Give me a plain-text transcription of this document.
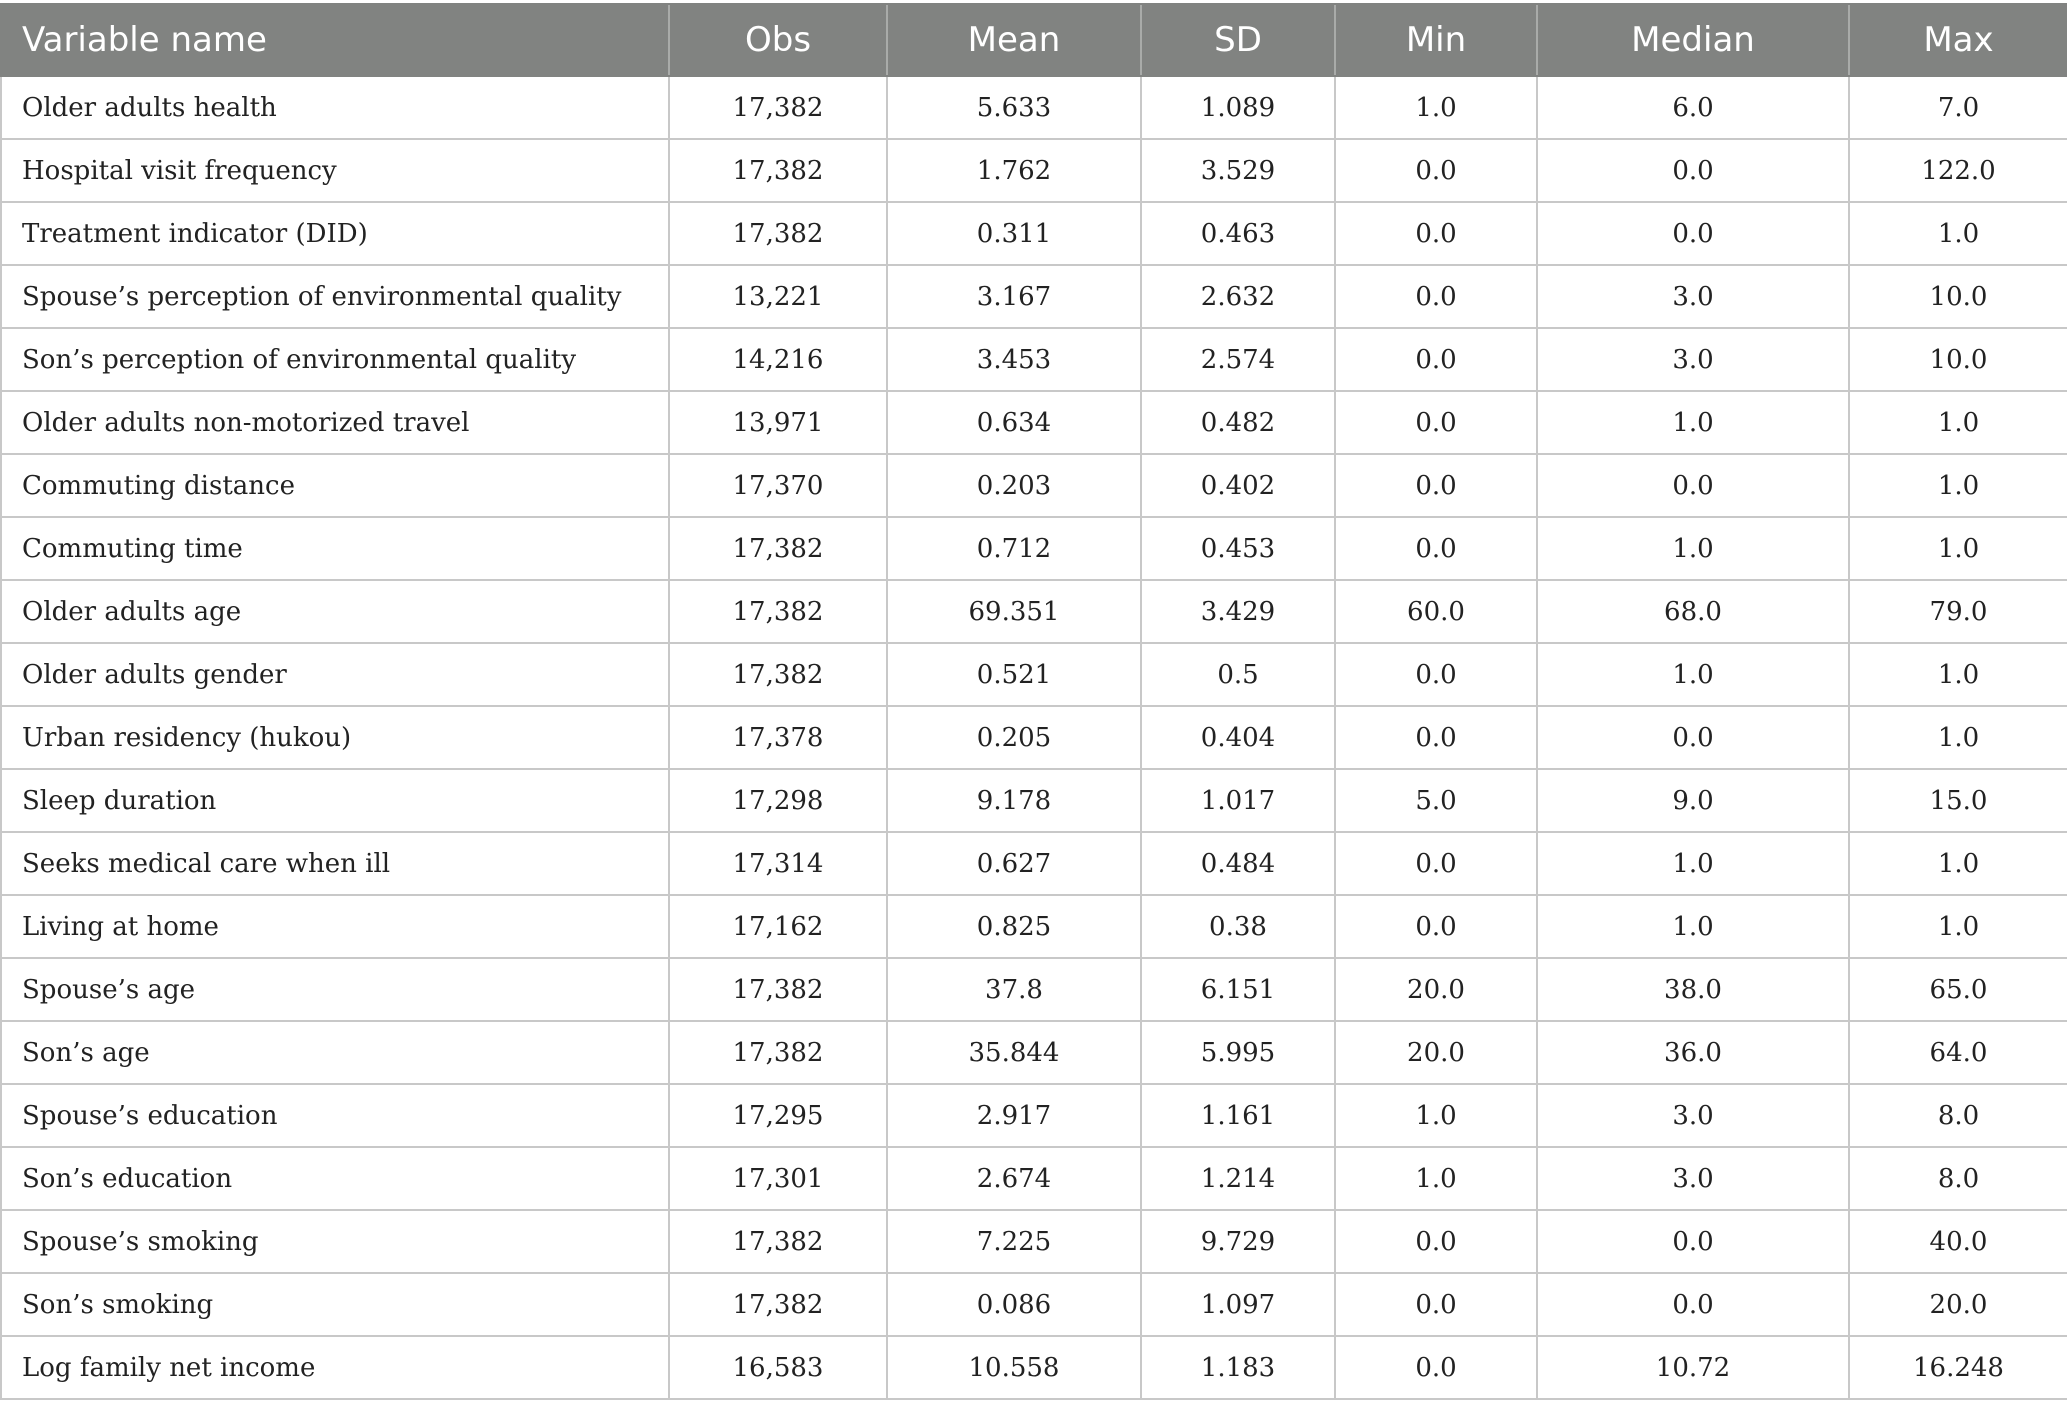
Variable name	Obs	Mean	SD	Min	Median	Max
Older adults health	17,382	5.633	1.089	1.0	6.0	7.0
Hospital visit frequency	17,382	1.762	3.529	0.0	0.0	122.0
Treatment indicator (DID)	17,382	0.311	0.463	0.0	0.0	1.0
Spouse’s perception of environmental quality	13,221	3.167	2.632	0.0	3.0	10.0
Son’s perception of environmental quality	14,216	3.453	2.574	0.0	3.0	10.0
Older adults non-motorized travel	13,971	0.634	0.482	0.0	1.0	1.0
Commuting distance	17,370	0.203	0.402	0.0	0.0	1.0
Commuting time	17,382	0.712	0.453	0.0	1.0	1.0
Older adults age	17,382	69.351	3.429	60.0	68.0	79.0
Older adults gender	17,382	0.521	0.5	0.0	1.0	1.0
Urban residency (hukou)	17,378	0.205	0.404	0.0	0.0	1.0
Sleep duration	17,298	9.178	1.017	5.0	9.0	15.0
Seeks medical care when ill	17,314	0.627	0.484	0.0	1.0	1.0
Living at home	17,162	0.825	0.38	0.0	1.0	1.0
Spouse’s age	17,382	37.8	6.151	20.0	38.0	65.0
Son’s age	17,382	35.844	5.995	20.0	36.0	64.0
Spouse’s education	17,295	2.917	1.161	1.0	3.0	8.0
Son’s education	17,301	2.674	1.214	1.0	3.0	8.0
Spouse’s smoking	17,382	7.225	9.729	0.0	0.0	40.0
Son’s smoking	17,382	0.086	1.097	0.0	0.0	20.0
Log family net income	16,583	10.558	1.183	0.0	10.72	16.248
